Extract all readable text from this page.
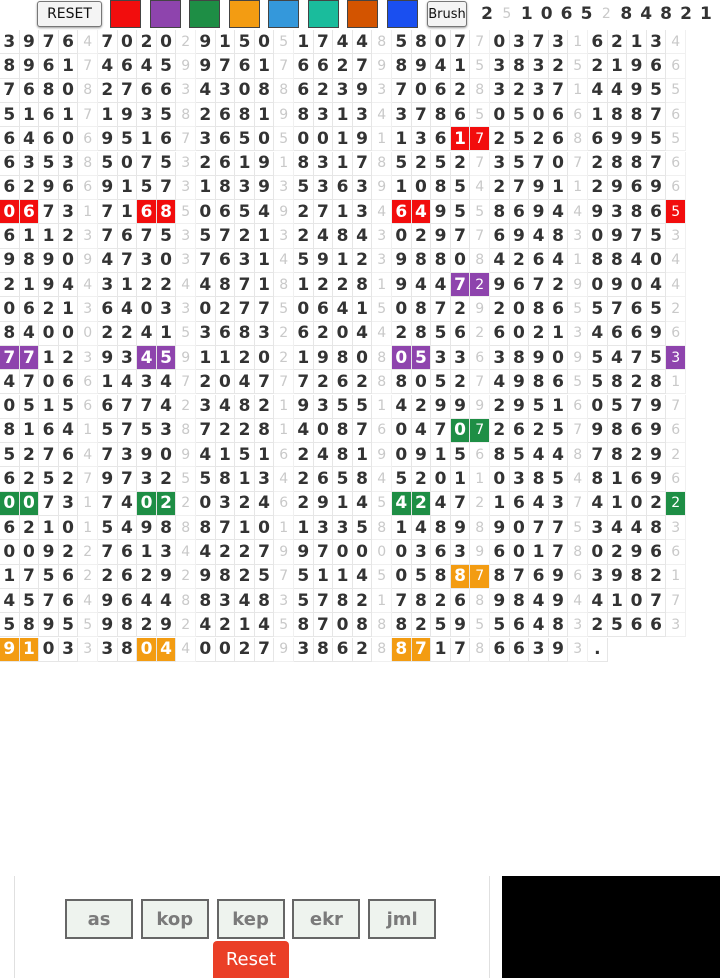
RESET	Brush 2 5 1 0 6 5 2 8 4 8 2 1
3 9 7 6 4 7 0 2 0 2 9 1 5 0 5 1 7 4 4 8 5 8 0 7 7 0 3 7 3 1 6 2 1 3 4
8 9 6 1 7 4 6 4 5 9 9 7 6 1 7 6 6 2 7 9 8 9 4 1 5 3 8 3 2 5 2 1 9 6 6
7 6 8 0 8 2 7 6 6 3 4 3 0 8 8 6 2 3 9 3 7 0 6 2 8 3 2 3 7 1 4 4 9 5 5
5 1 6 1 7 1 9 3 5 8 2 6 8 1 9 8 3 1 3 4 3 7 8 6 5 0 5 0 6 6 1 8 8 7 6
6 4 6 0 6 9 5 1 6 7 3 6 5 0 5 0 0 1 9 1 1 3 6 1 7 2 5 2 6 8 6 9 9 5 5
6 3 5 3 8 5 0 7 5 3 2 6 1 9 1 8 3 1 7 8 5 2 5 2 7 3 5 7 0 7 2 8 8 7 6
6 2 9 6 6 9 1 5 7 3 1 8 3 9 3 5 3 6 3 9 1 0 8 5 4 2 7 9 1 1 2 9 6 9 6
0 6 7 3 1 7 1 6 8 5 0 6 5 4 9 2 7 1 3 4 6 4 9 5 5 8 6 9 4 4 9 3 8 6 5
6 1 1 2 3 7 6 7 5 3 5 7 2 1 3 2 4 8 4 3 0 2 9 7 7 6 9 4 8 3 0 9 7 5 3
9 8 9 0 9 4 7 3 0 3 7 6 3 1 4 5 9 1 2 3 9 8 8 0 8 4 2 6 4 1 8 8 4 0 4
2 1 9 4 4 3 1 2 2 4 4 8 7 1 8 1 2 2 8 1 9 4 4 7 2 9 6 7 2 9 0 9 0 4 4
0 6 2 1 3 6 4 0 3 3 0 2 7 7 5 0 6 4 1 5 0 8 7 2 9 2 0 8 6 5 5 7 6 5 2
8 4 0 0 0 2 2 4 1 5 3 6 8 3 2 6 2 0 4 4 2 8 5 6 2 6 0 2 1 3 4 6 6 9 6
7 7 1 2 3 9 3 4 5 9 1 1 2 0 2 1 9 8 0 8 0 5 3 3 6 3 8 9 0 9 5 4 7 5 3
4 7 0 6 6 1 4 3 4 7 2 0 4 7 7 7 2 6 2 8 8 0 5 2 7 4 9 8 6 5 5 8 2 8 1
0 5 1 5 6 6 7 7 4 2 3 4 8 2 1 9 3 5 5 1 4 2 9 9 9 2 9 5 1 6 0 5 7 9 7
8 1 6 4 1 5 7 5 3 8 7 2 2 8 1 4 0 8 7 6 0 4 7 0 7 2 6 2 5 7 9 8 6 9 6
5 2 7 6 4 7 3 9 0 9 4 1 5 1 6 2 4 8 1 9 0 9 1 5 6 8 5 4 4 8 7 8 2 9 2
6 2 5 2 7 9 7 3 2 5 5 8 1 3 4 2 6 5 8 4 5 2 0 1 1 0 3 8 5 4 8 1 6 9 6
0 0 7 3 1 7 4 0 2 2 0 3 2 4 6 2 9 1 4 5 4 2 4 7 2 1 6 4 3 7 4 1 0 2 2
6 2 1 0 1 5 4 9 8 8 8 7 1 0 1 1 3 3 5 8 1 4 8 9 8 9 0 7 7 5 3 4 4 8 3
0 0 9 2 2 7 6 1 3 4 4 2 2 7 9 9 7 0 0 0 0 3 6 3 9 6 0 1 7 8 0 2 9 6 6
1 7 5 6 2 2 6 2 9 2 9 8 2 5 7 5 1 1 4 5 0 5 8 8 7 8 7 6 9 6 3 9 8 2 1
4 5 7 6 4 9 6 4 4 8 8 3 4 8 3 5 7 8 2 1 7 8 2 6 8 9 8 4 9 4 4 1 0 7 7
5 8 9 5 5 9 8 2 9 2 4 2 1 4 5 8 7 0 8 8 8 2 5 9 5 5 6 4 8 3 2 5 6 6 3
9 1 0 3 3 3 8 0 4 4 0 0 2 7 9 3 8 6 2 8 8 7 1 7 8 6 6 3 9 3 .
as	kop	kep	ekr	jml
Reset
